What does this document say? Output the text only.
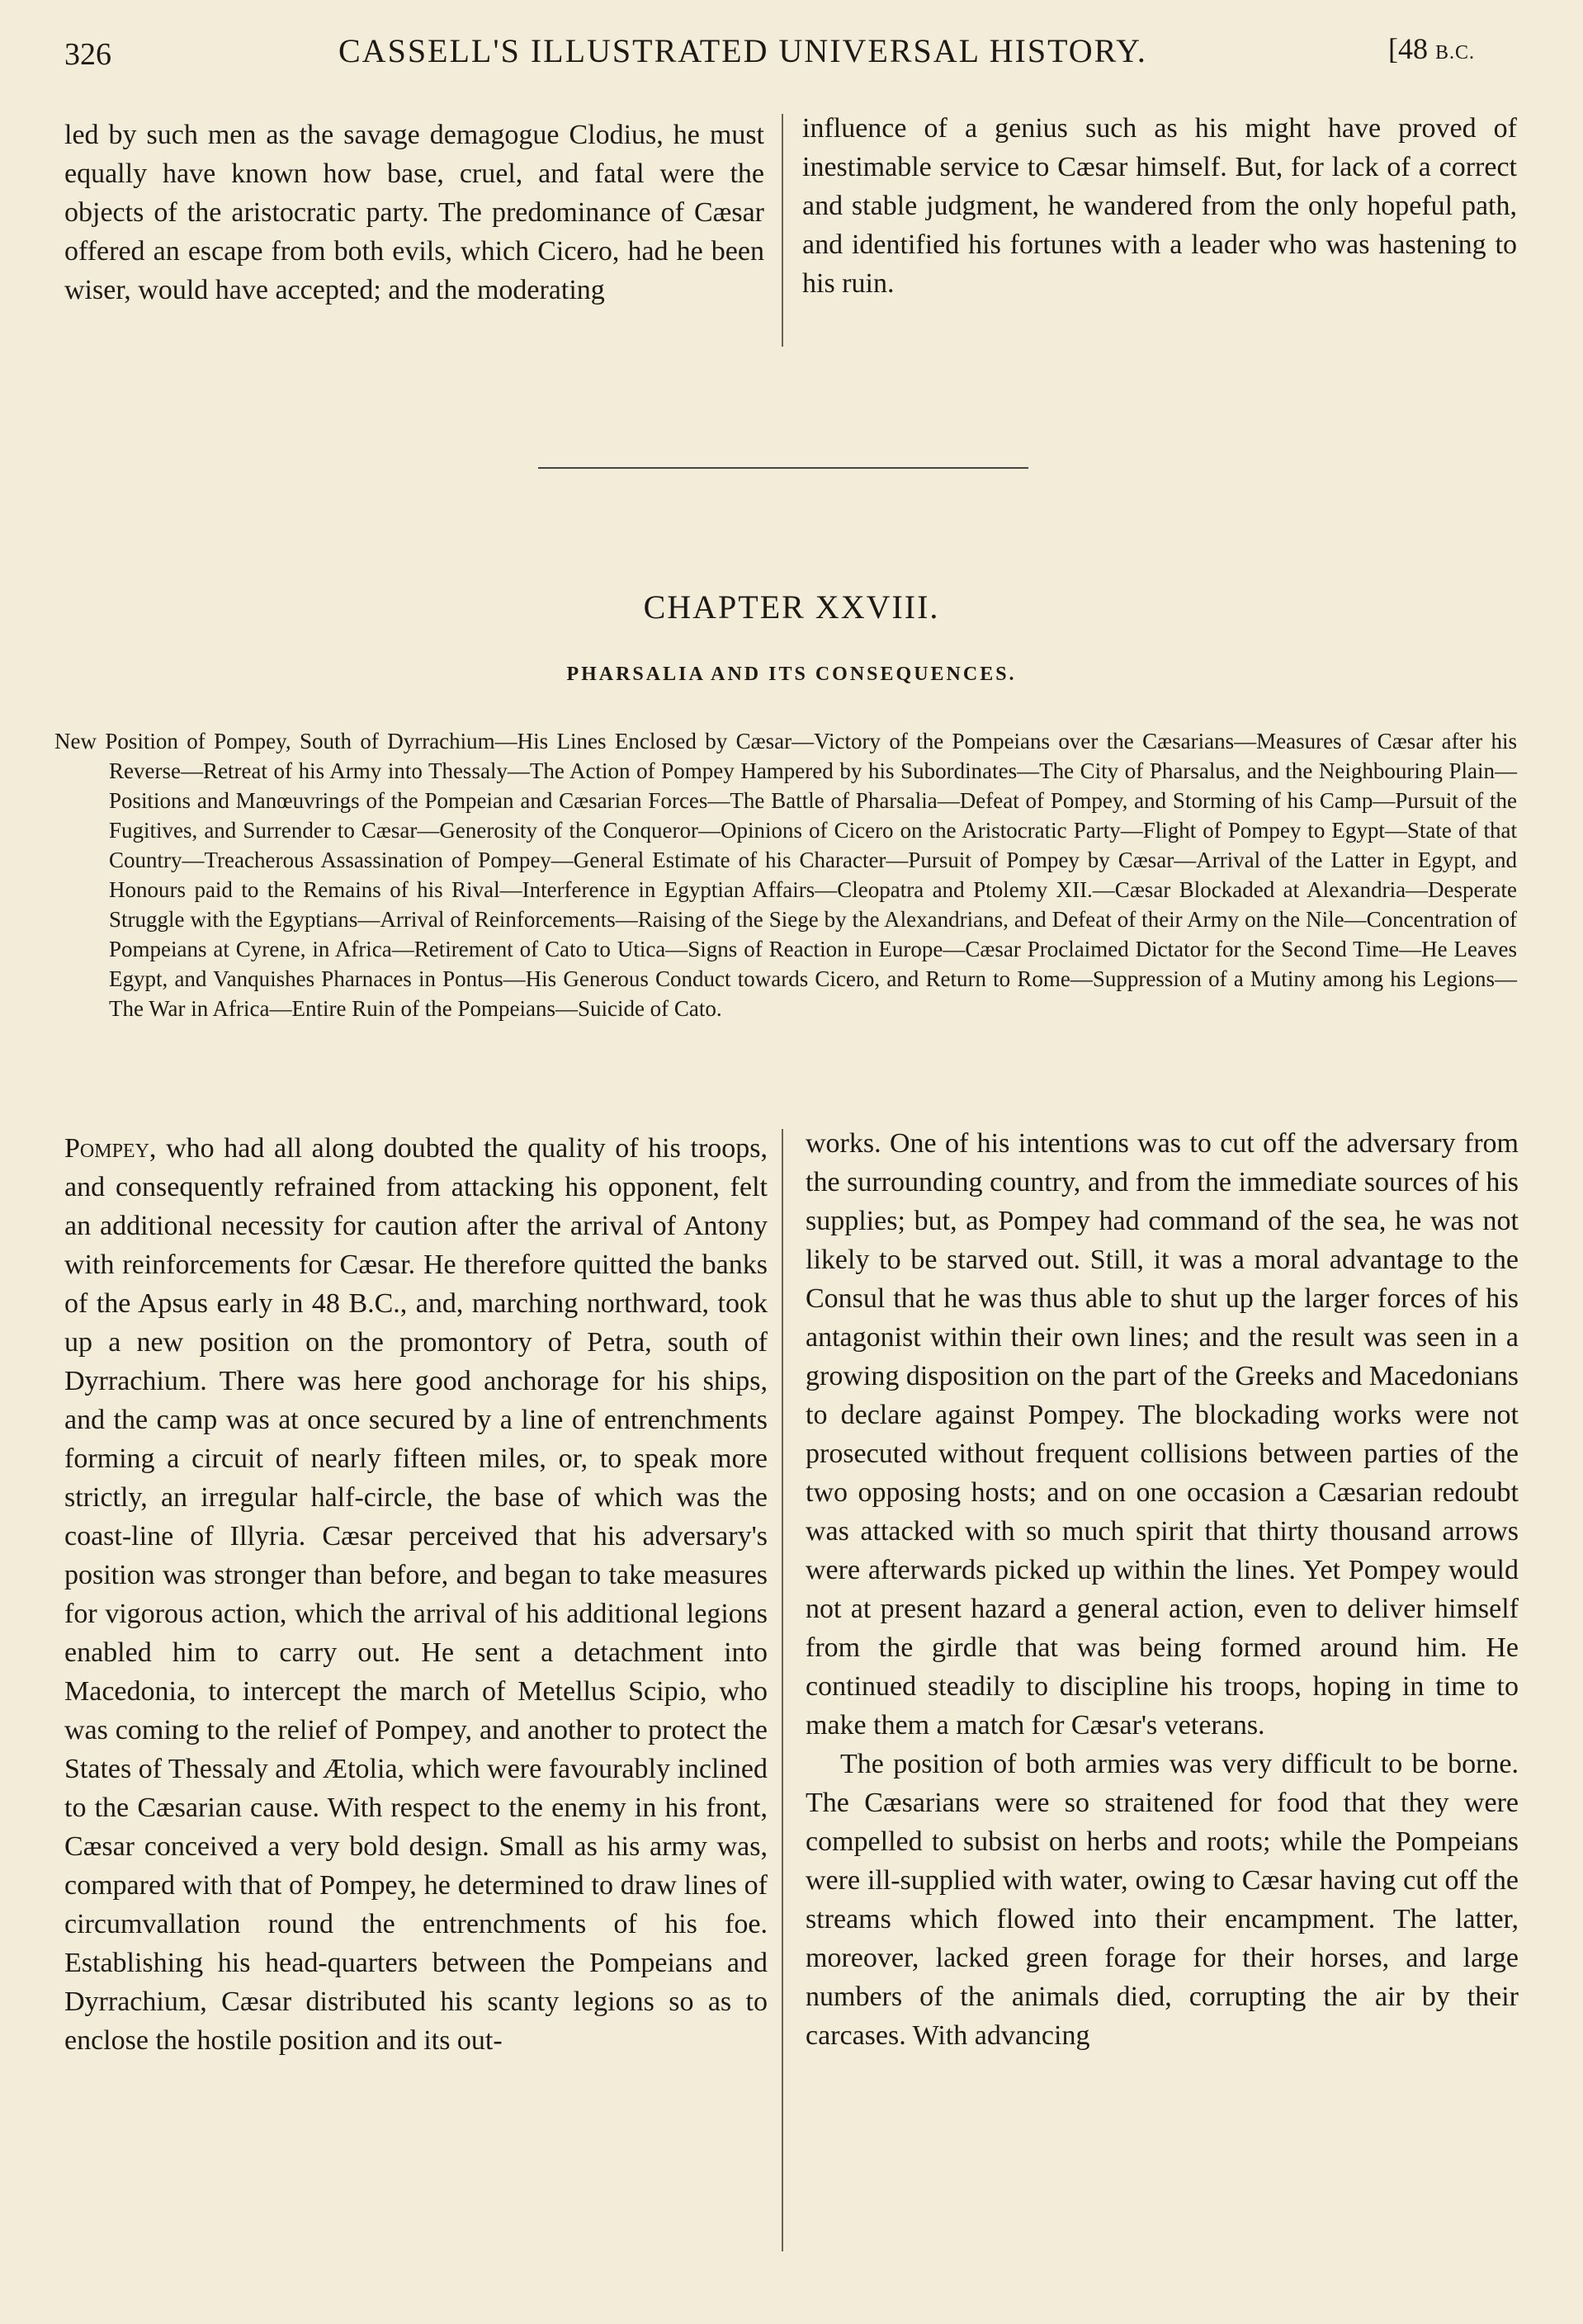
326	CASSELL'S ILLUSTRATED UNIVERSAL HISTORY.	[48 B.C.
led by such men as the savage demagogue Clodius, he must equally have known how base, cruel, and fatal were the objects of the aristocratic party. The predominance of Cæsar offered an escape from both evils, which Cicero, had he been wiser, would have accepted; and the moderating
influence of a genius such as his might have proved of inestimable service to Cæsar himself. But, for lack of a correct and stable judgment, he wandered from the only hopeful path, and identified his fortunes with a leader who was hastening to his ruin.
CHAPTER XXVIII.
PHARSALIA AND ITS CONSEQUENCES.

New Position of Pompey, South of Dyrrachium—His Lines Enclosed by Cæsar—Victory of the Pompeians over the Cæsarians—Measures of Cæsar after his Reverse—Retreat of his Army into Thessaly—The Action of Pompey Hampered by his Subordinates—The City of Pharsalus, and the Neighbouring Plain—Positions and Manœuvrings of the Pompeian and Cæsarian Forces—The Battle of Pharsalia—Defeat of Pompey, and Storming of his Camp—Pursuit of the Fugitives, and Surrender to Cæsar—Generosity of the Conqueror—Opinions of Cicero on the Aristocratic Party—Flight of Pompey to Egypt—State of that Country—Treacherous Assassination of Pompey—General Estimate of his Character—Pursuit of Pompey by Cæsar—Arrival of the Latter in Egypt, and Honours paid to the Remains of his Rival—Interference in Egyptian Affairs—Cleopatra and Ptolemy XII.—Cæsar Blockaded at Alexandria—Desperate Struggle with the Egyptians—Arrival of Reinforcements—Raising of the Siege by the Alexandrians, and Defeat of their Army on the Nile—Concentration of Pompeians at Cyrene, in Africa—Retirement of Cato to Utica—Signs of Reaction in Europe—Cæsar Proclaimed Dictator for the Second Time—He Leaves Egypt, and Vanquishes Pharnaces in Pontus—His Generous Conduct towards Cicero, and Return to Rome—Suppression of a Mutiny among his Legions—The War in Africa—Entire Ruin of the Pompeians—Suicide of Cato.

Pompey, who had all along doubted the quality of his troops, and consequently refrained from attacking his opponent, felt an additional necessity for caution after the arrival of Antony with reinforcements for Cæsar. He therefore quitted the banks of the Apsus early in 48 B.C., and, marching northward, took up a new position on the promontory of Petra, south of Dyrrachium. There was here good anchorage for his ships, and the camp was at once secured by a line of entrenchments forming a circuit of nearly fifteen miles, or, to speak more strictly, an irregular half-circle, the base of which was the coast-line of Illyria. Cæsar perceived that his adversary's position was stronger than before, and began to take measures for vigorous action, which the arrival of his additional legions enabled him to carry out. He sent a detachment into Macedonia, to intercept the march of Metellus Scipio, who was coming to the relief of Pompey, and another to protect the States of Thessaly and Ætolia, which were favourably inclined to the Cæsarian cause. With respect to the enemy in his front, Cæsar conceived a very bold design. Small as his army was, compared with that of Pompey, he determined to draw lines of circumvallation round the entrenchments of his foe. Establishing his head-quarters between the Pompeians and Dyrrachium, Cæsar distributed his scanty legions so as to enclose the hostile position and its out-

works. One of his intentions was to cut off the adversary from the surrounding country, and from the immediate sources of his supplies; but, as Pompey had command of the sea, he was not likely to be starved out. Still, it was a moral advantage to the Consul that he was thus able to shut up the larger forces of his antagonist within their own lines; and the result was seen in a growing disposition on the part of the Greeks and Macedonians to declare against Pompey. The blockading works were not prosecuted without frequent collisions between parties of the two opposing hosts; and on one occasion a Cæsarian redoubt was attacked with so much spirit that thirty thousand arrows were afterwards picked up within the lines. Yet Pompey would not at present hazard a general action, even to deliver himself from the girdle that was being formed around him. He continued steadily to discipline his troops, hoping in time to make them a match for Cæsar's veterans.

The position of both armies was very difficult to be borne. The Cæsarians were so straitened for food that they were compelled to subsist on herbs and roots; while the Pompeians were ill-supplied with water, owing to Cæsar having cut off the streams which flowed into their encampment. The latter, moreover, lacked green forage for their horses, and large numbers of the animals died, corrupting the air by their carcases. With advancing
